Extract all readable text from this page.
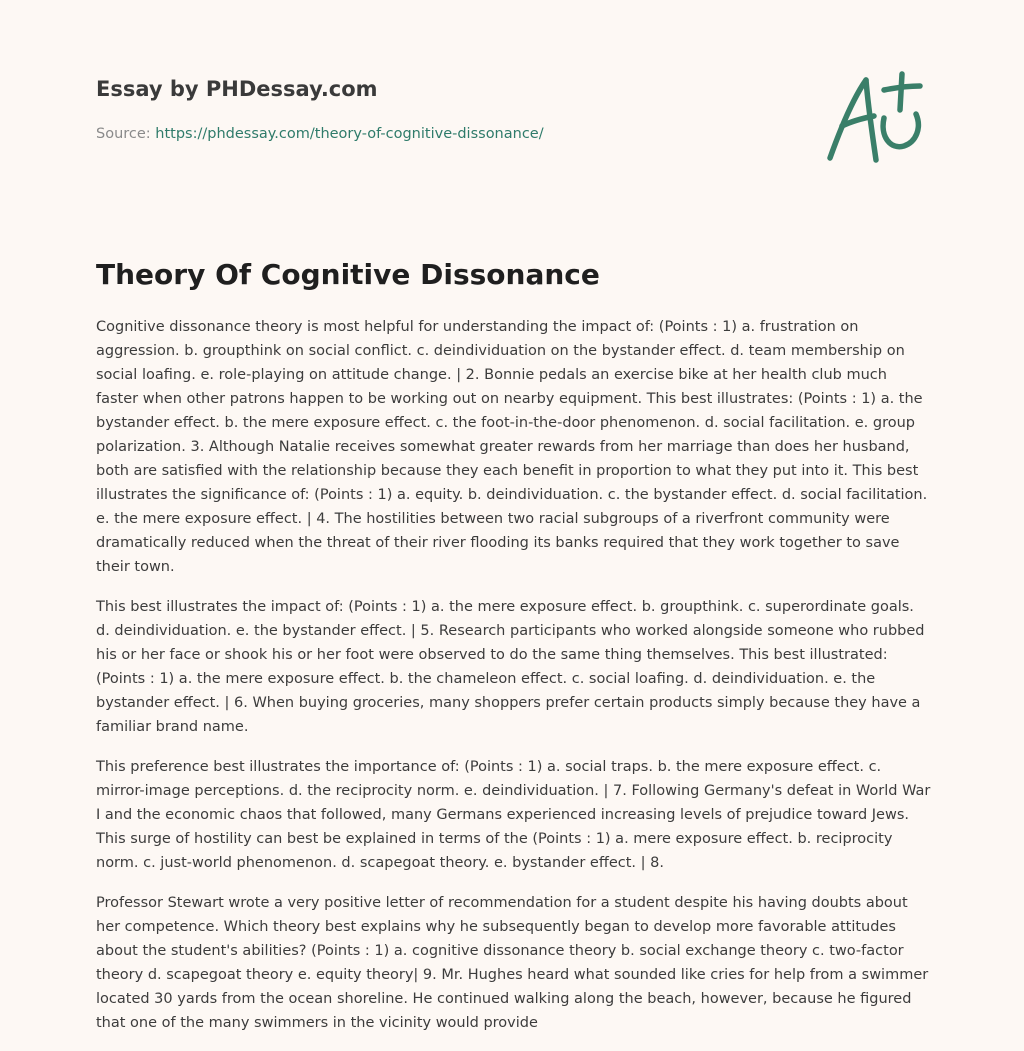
Essay by PHDessay.com
Source: https://phdessay.com/theory-of-cognitive-dissonance/
Theory Of Cognitive Dissonance

Cognitive dissonance theory is most helpful for understanding the impact of: (Points : 1) a. frustration on aggression. b. groupthink on social conflict. c. deindividuation on the bystander effect. d. team membership on social loafing. e. role-playing on attitude change. | 2. Bonnie pedals an exercise bike at her health club much faster when other patrons happen to be working out on nearby equipment. This best illustrates: (Points : 1) a. the bystander effect. b. the mere exposure effect. c. the foot-in-the-door phenomenon. d. social facilitation. e. group polarization. 3. Although Natalie receives somewhat greater rewards from her marriage than does her husband, both are satisfied with the relationship because they each benefit in proportion to what they put into it. This best illustrates the significance of: (Points : 1) a. equity. b. deindividuation. c. the bystander effect. d. social facilitation. e. the mere exposure effect. | 4. The hostilities between two racial subgroups of a riverfront community were dramatically reduced when the threat of their river flooding its banks required that they work together to save their town.

This best illustrates the impact of: (Points : 1) a. the mere exposure effect. b. groupthink. c. superordinate goals. d. deindividuation. e. the bystander effect. | 5. Research participants who worked alongside someone who rubbed his or her face or shook his or her foot were observed to do the same thing themselves. This best illustrated: (Points : 1) a. the mere exposure effect. b. the chameleon effect. c. social loafing. d. deindividuation. e. the bystander effect. | 6. When buying groceries, many shoppers prefer certain products simply because they have a familiar brand name.

This preference best illustrates the importance of: (Points : 1) a. social traps. b. the mere exposure effect. c. mirror-image perceptions. d. the reciprocity norm. e. deindividuation. | 7. Following Germany's defeat in World War I and the economic chaos that followed, many Germans experienced increasing levels of prejudice toward Jews. This surge of hostility can best be explained in terms of the (Points : 1) a. mere exposure effect. b. reciprocity norm. c. just-world phenomenon. d. scapegoat theory. e. bystander effect. | 8.

Professor Stewart wrote a very positive letter of recommendation for a student despite his having doubts about her competence. Which theory best explains why he subsequently began to develop more favorable attitudes about the student's abilities? (Points : 1) a. cognitive dissonance theory b. social exchange theory c. two-factor theory d. scapegoat theory e. equity theory| 9. Mr. Hughes heard what sounded like cries for help from a swimmer located 30 yards from the ocean shoreline. He continued walking along the beach, however, because he figured that one of the many swimmers in the vicinity would provide
